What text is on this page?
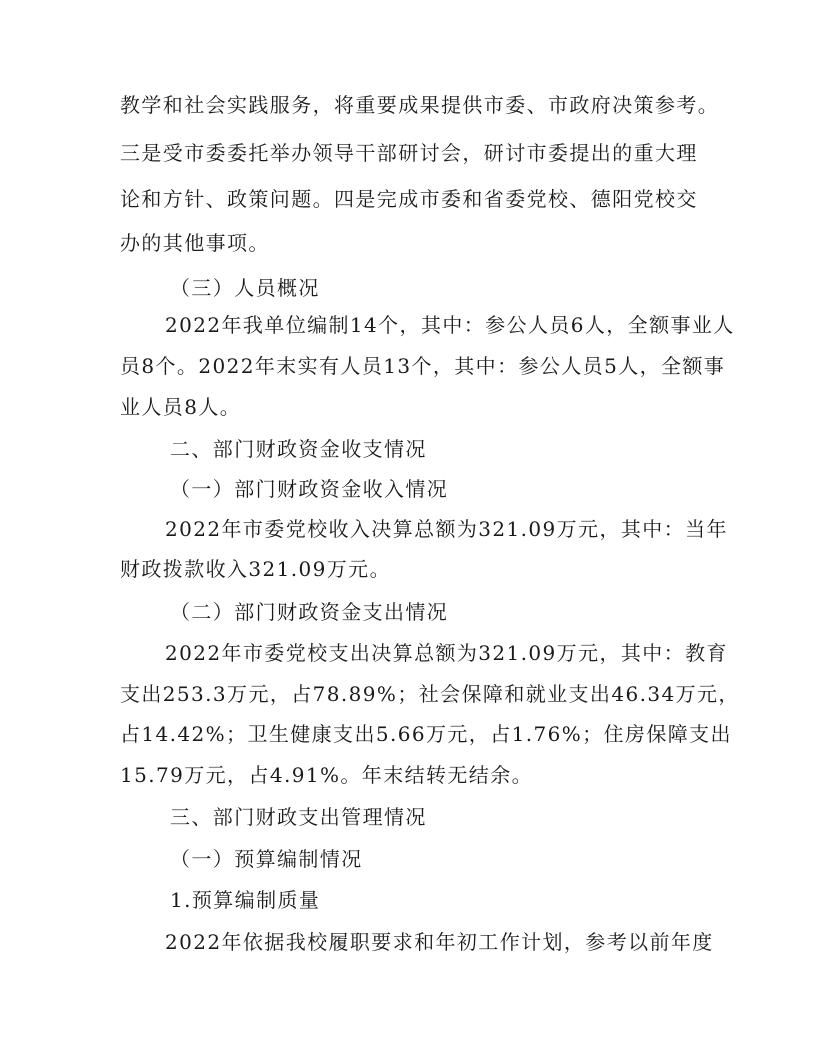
教学和社会实践服务，将重要成果提供市委、市政府决策参考。

三是受市委委托举办领导干部研讨会，研讨市委提出的重大理

论和方针、政策问题。四是完成市委和省委党校、德阳党校交

办的其他事项。

（三）人员概况

2022年我单位编制14个，其中：参公人员6人，全额事业人

员8个。2022年末实有人员13个，其中：参公人员5人，全额事

业人员8人。

二、部门财政资金收支情况

（一）部门财政资金收入情况

2022年市委党校收入决算总额为321.09万元，其中：当年

财政拨款收入321.09万元。

（二）部门财政资金支出情况

2022年市委党校支出决算总额为321.09万元，其中：教育

支出253.3万元，占78.89%；社会保障和就业支出46.34万元，

占14.42%；卫生健康支出5.66万元，占1.76%；住房保障支出

15.79万元，占4.91%。年末结转无结余。

三、部门财政支出管理情况

（一）预算编制情况

1.预算编制质量

2022年依据我校履职要求和年初工作计划，参考以前年度
